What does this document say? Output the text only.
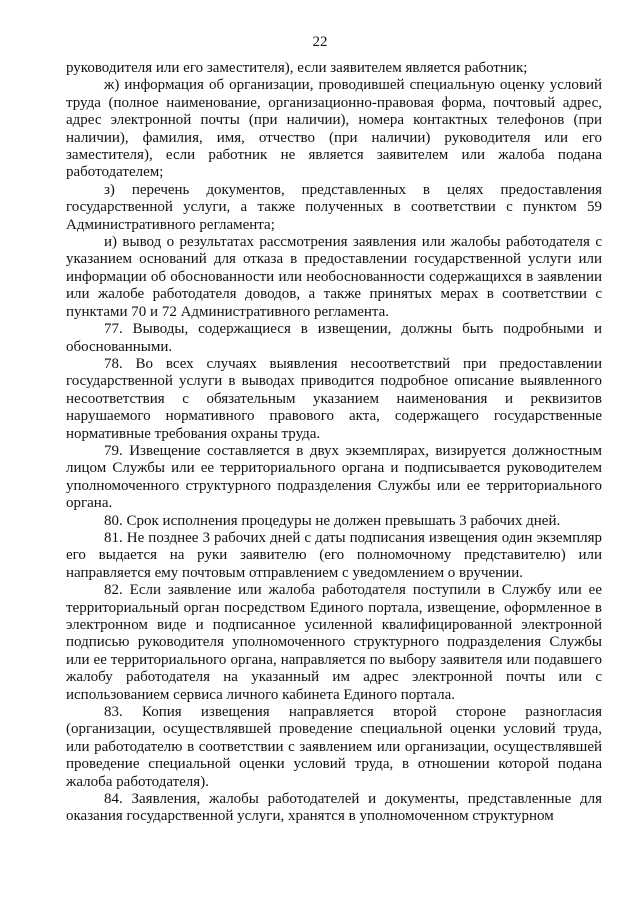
22

руководителя или его заместителя), если заявителем является работник;

ж) информация об организации, проводившей специальную оценку условий труда (полное наименование, организационно-правовая форма, почтовый адрес, адрес электронной почты (при наличии), номера контактных телефонов (при наличии), фамилия, имя, отчество (при наличии) руководителя или его заместителя), если работник не является заявителем или жалоба подана работодателем;

з) перечень документов, представленных в целях предоставления государственной услуги, а также полученных в соответствии с пунктом 59 Административного регламента;

и) вывод о результатах рассмотрения заявления или жалобы работодателя с указанием оснований для отказа в предоставлении государственной услуги или информации об обоснованности или необоснованности содержащихся в заявлении или жалобе работодателя доводов, а также принятых мерах в соответствии с пунктами 70 и 72 Административного регламента.

77. Выводы, содержащиеся в извещении, должны быть подробными и обоснованными.

78. Во всех случаях выявления несоответствий при предоставлении государственной услуги в выводах приводится подробное описание выявленного несоответствия с обязательным указанием наименования и реквизитов нарушаемого нормативного правового акта, содержащего государственные нормативные требования охраны труда.

79. Извещение составляется в двух экземплярах, визируется должностным лицом Службы или ее территориального органа и подписывается руководителем уполномоченного структурного подразделения Службы или ее территориального органа.

80. Срок исполнения процедуры не должен превышать 3 рабочих дней.

81. Не позднее 3 рабочих дней с даты подписания извещения один экземпляр его выдается на руки заявителю (его полномочному представителю) или направляется ему почтовым отправлением с уведомлением о вручении.

82. Если заявление или жалоба работодателя поступили в Службу или ее территориальный орган посредством Единого портала, извещение, оформленное в электронном виде и подписанное усиленной квалифицированной электронной подписью руководителя уполномоченного структурного подразделения Службы или ее территориального органа, направляется по выбору заявителя или подавшего жалобу работодателя на указанный им адрес электронной почты или с использованием сервиса личного кабинета Единого портала.

83. Копия извещения направляется второй стороне разногласия (организации, осуществлявшей проведение специальной оценки условий труда, или работодателю в соответствии с заявлением или организации, осуществлявшей проведение специальной оценки условий труда, в отношении которой подана жалоба работодателя).

84. Заявления, жалобы работодателей и документы, представленные для оказания государственной услуги, хранятся в уполномоченном структурном
